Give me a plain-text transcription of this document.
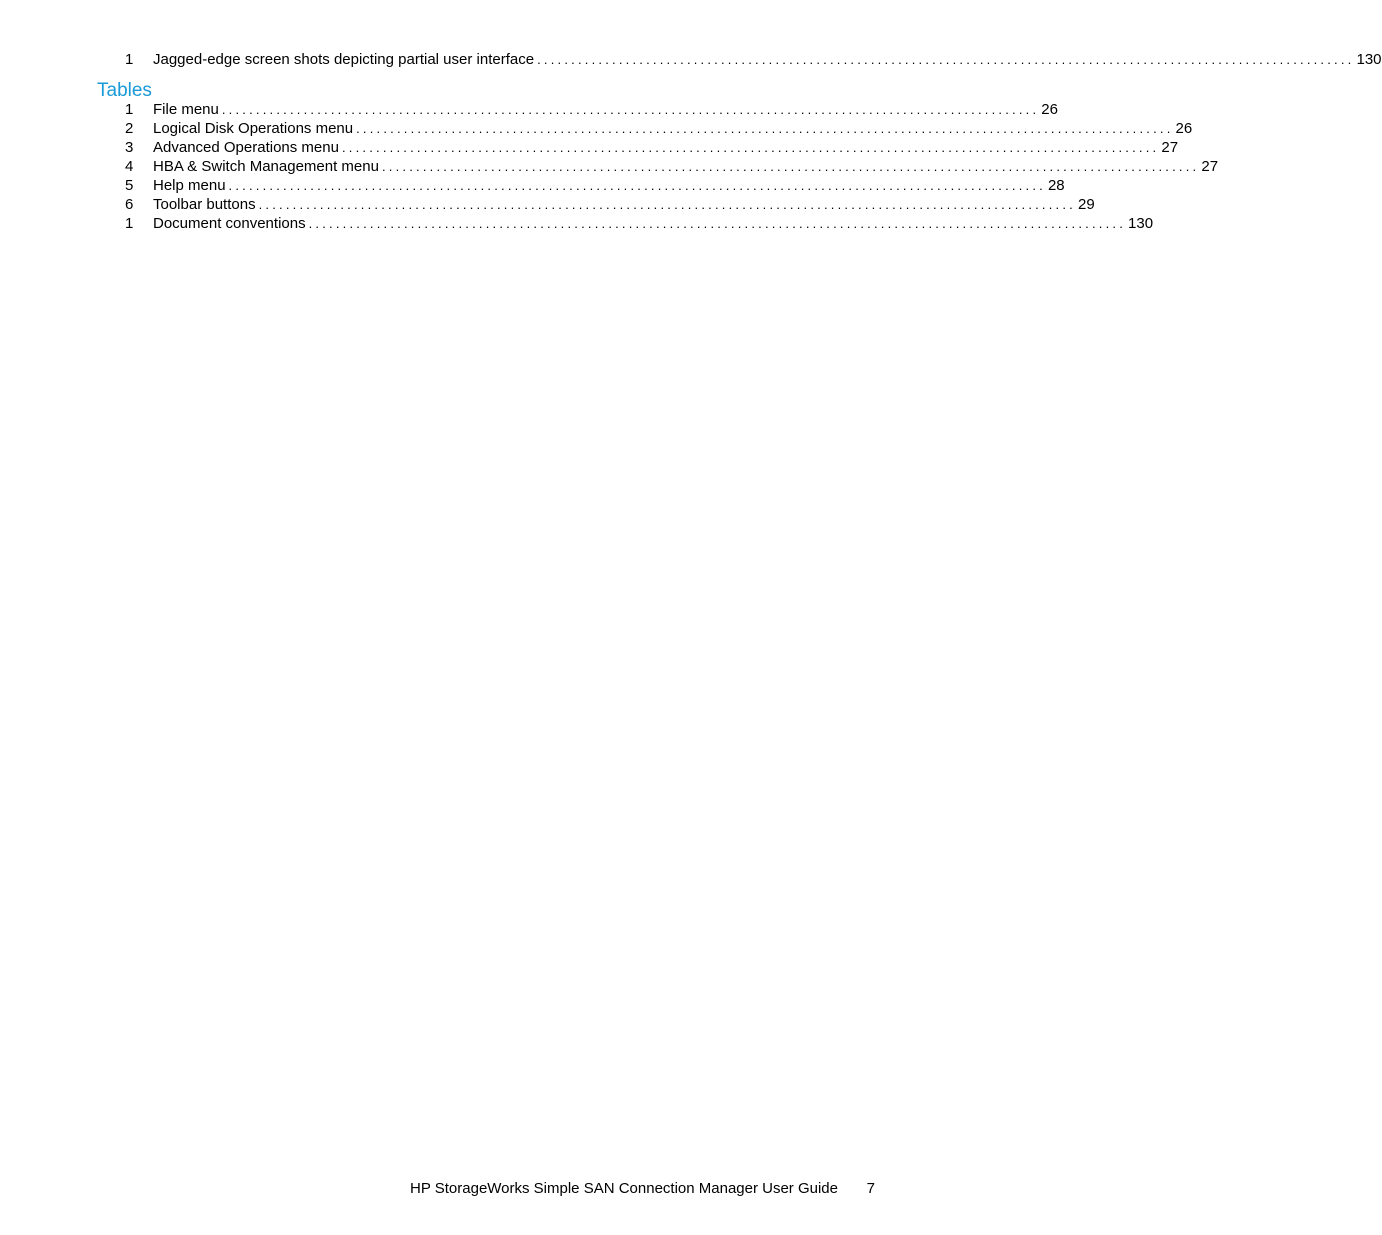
1 Jagged-edge screen shots depicting partial user interface ........................................................................................................................ 130
Tables
1 File menu ........................................................................................................................ 26
2 Logical Disk Operations menu ........................................................................................................................ 26
3 Advanced Operations menu ........................................................................................................................ 27
4 HBA & Switch Management menu ........................................................................................................................ 27
5 Help menu ........................................................................................................................ 28
6 Toolbar buttons ........................................................................................................................ 29
1 Document conventions ........................................................................................................................ 130
HP StorageWorks Simple SAN Connection Manager User Guide 7
